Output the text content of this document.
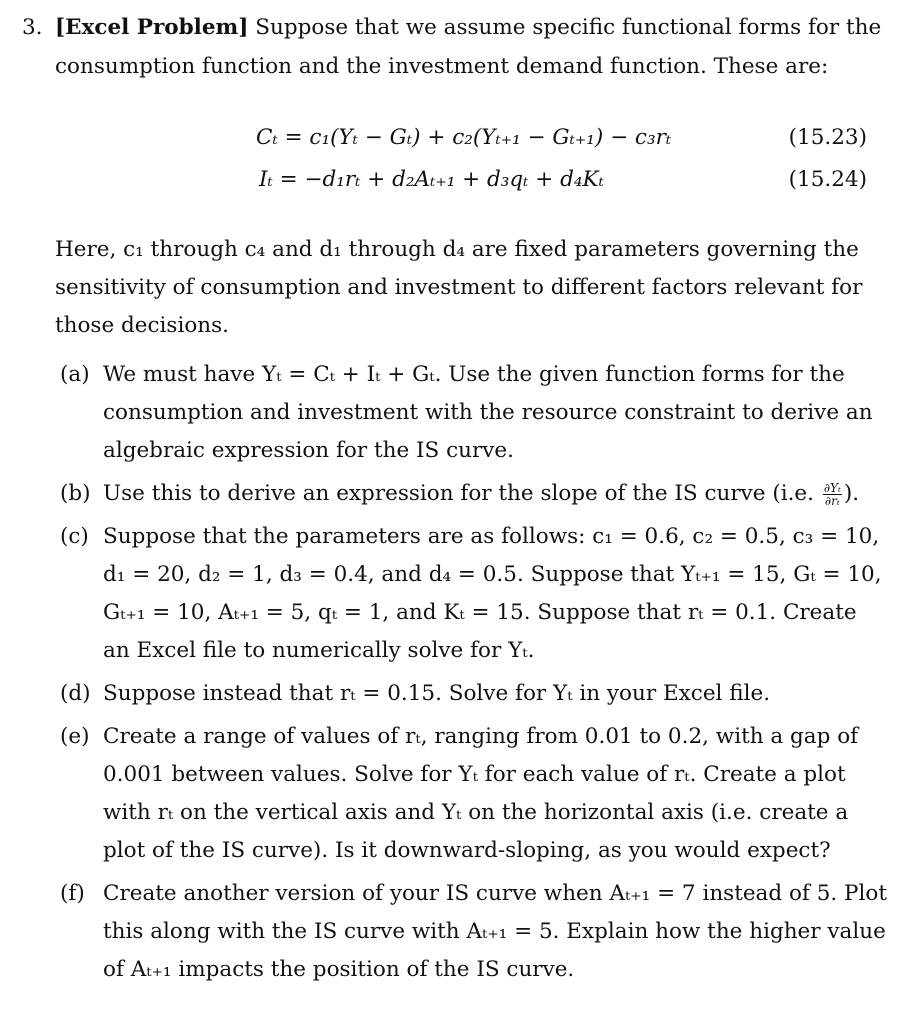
3. [Excel Problem] Suppose that we assume specific functional forms for the
consumption function and the investment demand function. These are:
Cₜ = c₁(Yₜ − Gₜ) + c₂(Yₜ₊₁ − Gₜ₊₁) − c₃rₜ	(15.23)
Iₜ = −d₁rₜ + d₂Aₜ₊₁ + d₃qₜ + d₄Kₜ	(15.24)
Here, c₁ through c₄ and d₁ through d₄ are fixed parameters governing the
sensitivity of consumption and investment to different factors relevant for
those decisions.
(a) We must have Yₜ = Cₜ + Iₜ + Gₜ. Use the given function forms for the
consumption and investment with the resource constraint to derive an
algebraic expression for the IS curve.
(b) Use this to derive an expression for the slope of the IS curve (i.e. $\frac{\text{∂Yₜ}}{\text{∂rₜ}}$ ).
(c) Suppose that the parameters are as follows: c₁ = 0.6, c₂ = 0.5, c₃ = 10,
d₁ = 20, d₂ = 1, d₃ = 0.4, and d₄ = 0.5. Suppose that Yₜ₊₁ = 15, Gₜ = 10,
Gₜ₊₁ = 10, Aₜ₊₁ = 5, qₜ = 1, and Kₜ = 15. Suppose that rₜ = 0.1. Create
an Excel file to numerically solve for Yₜ.
(d) Suppose instead that rₜ = 0.15. Solve for Yₜ in your Excel file.
(e) Create a range of values of rₜ, ranging from 0.01 to 0.2, with a gap of
0.001 between values. Solve for Yₜ for each value of rₜ. Create a plot
with rₜ on the vertical axis and Yₜ on the horizontal axis (i.e. create a
plot of the IS curve). Is it downward-sloping, as you would expect?
(f) Create another version of your IS curve when Aₜ₊₁ = 7 instead of 5. Plot
this along with the IS curve with Aₜ₊₁ = 5. Explain how the higher value
of Aₜ₊₁ impacts the position of the IS curve.
